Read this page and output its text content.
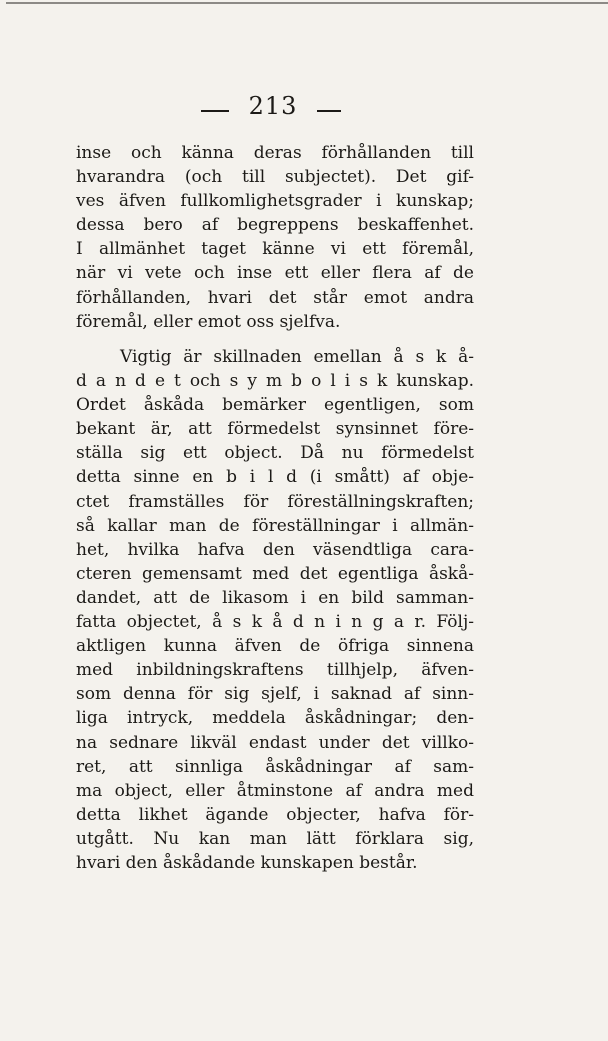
213
inse och känna deras förhållanden till
hvarandra (och till subjectet). Det gif-
ves äfven fullkomlighetsgrader i kunskap;
dessa bero af begreppens beskaffenhet.
I allmänhet taget känne vi ett föremål,
när vi vete och inse ett eller flera af de
förhållanden, hvari det står emot andra
föremål, eller emot oss sjelfva.
Vigtig är skillnaden emellan å s k å-
d a n d e t och s y m b o l i s k kunskap.
Ordet åskåda bemärker egentligen, som
bekant är, att förmedelst synsinnet före-
ställa sig ett object. Då nu förmedelst
detta sinne en b i l d (i smått) af obje-
ctet framställes för föreställningskraften;
så kallar man de föreställningar i allmän-
het, hvilka hafva den väsendtliga cara-
cteren gemensamt med det egentliga åskå-
dandet, att de likasom i en bild samman-
fatta objectet, å s k å d n i n g a r. Följ-
aktligen kunna äfven de öfriga sinnena
med inbildningskraftens tillhjelp, äfven-
som denna för sig sjelf, i saknad af sinn-
liga intryck, meddela åskådningar; den-
na sednare likväl endast under det villko-
ret, att sinnliga åskådningar af sam-
ma object, eller åtminstone af andra med
detta likhet ägande objecter, hafva för-
utgått. Nu kan man lätt förklara sig,
hvari den åskådande kunskapen består.
